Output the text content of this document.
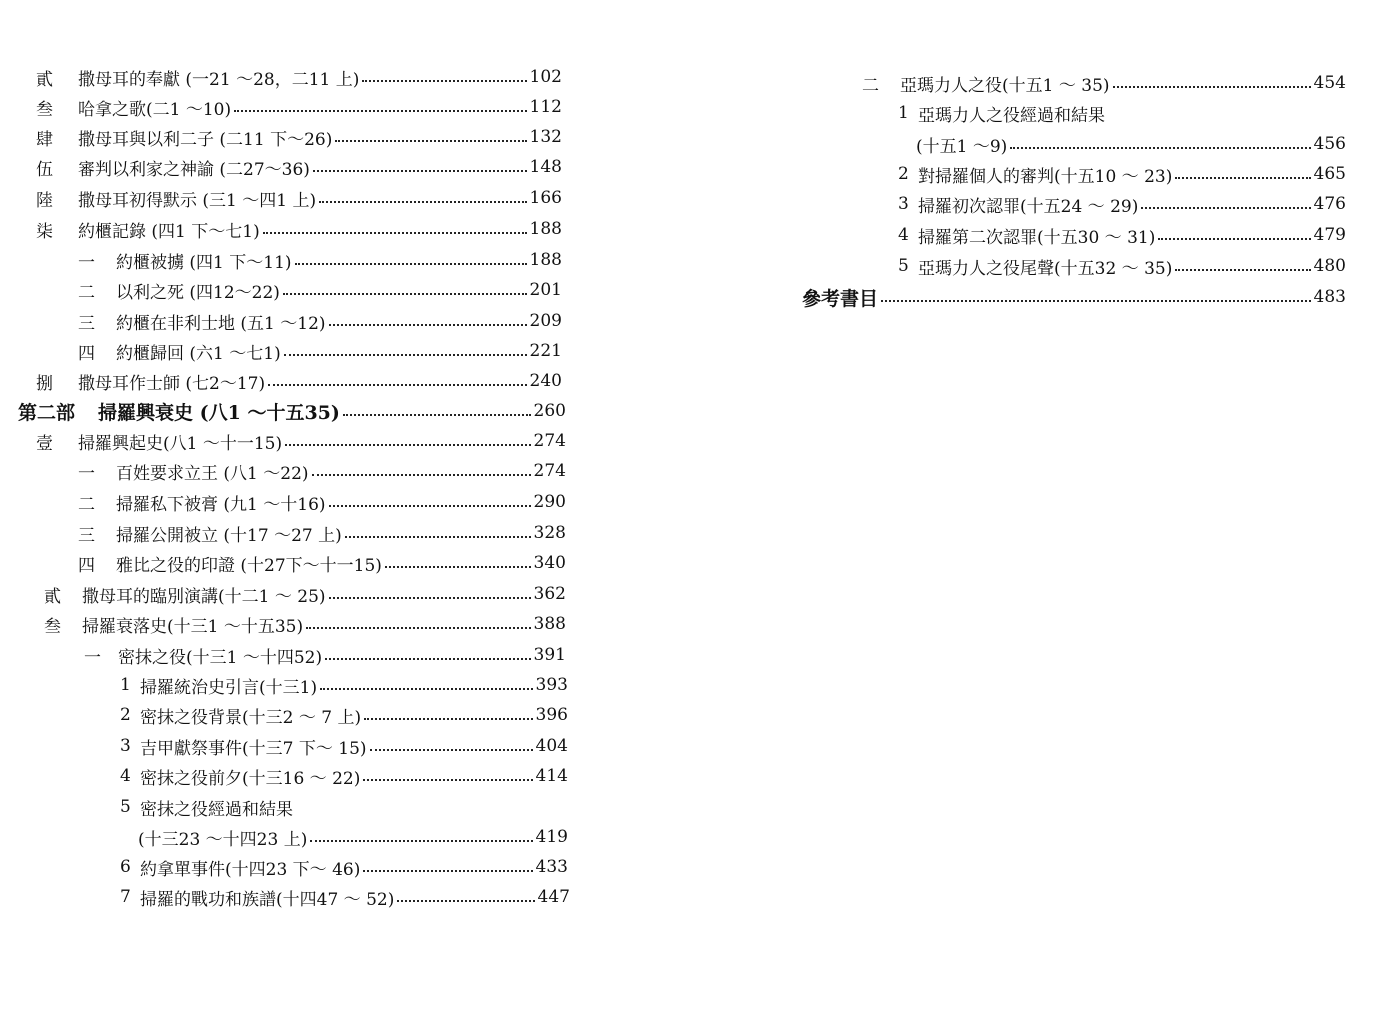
貳	撒母耳的奉獻 (一21 ～28，二11 上)	102
叁	哈拿之歌(二1 ～10)	112
肆	撒母耳與以利二子 (二11 下～26)	132
伍	審判以利家之神諭 (二27～36)	148
陸	撒母耳初得默示 (三1 ～四1 上)	166
柒	約櫃記錄 (四1 下～七1)	188
一	約櫃被擄 (四1 下～11)	188
二	以利之死 (四12～22)	201
三	約櫃在非利士地 (五1 ～12)	209
四	約櫃歸回 (六1 ～七1)	221
捌	撒母耳作士師 (七2～17)	240
第二部	掃羅興衰史 (八1 ～十五35)	260
壹	掃羅興起史(八1 ～十一15)	274
一	百姓要求立王 (八1 ～22)	274
二	掃羅私下被膏 (九1 ～十16)	290
三	掃羅公開被立 (十17 ～27 上)	328
四	雅比之役的印證 (十27下～十一15)	340
貳	撒母耳的臨別演講(十二1 ～ 25)	362
叁	掃羅衰落史(十三1 ～十五35)	388
一	密抹之役(十三1 ～十四52)	391
1 掃羅統治史引言(十三1)	393
2 密抹之役背景(十三2 ～ 7 上)	396
3 吉甲獻祭事件(十三7 下～ 15)	404
4 密抹之役前夕(十三16 ～ 22)	414
5 密抹之役經過和結果
(十三23 ～十四23 上)	419
6 約拿單事件(十四23 下～ 46)	433
7 掃羅的戰功和族譜(十四47 ～ 52)	447
二	亞瑪力人之役(十五1 ～ 35)	454
1 亞瑪力人之役經過和結果
(十五1 ～9)	456
2 對掃羅個人的審判(十五10 ～ 23)	465
3 掃羅初次認罪(十五24 ～ 29)	476
4 掃羅第二次認罪(十五30 ～ 31)	479
5 亞瑪力人之役尾聲(十五32 ～ 35)	480
參考書目	483
